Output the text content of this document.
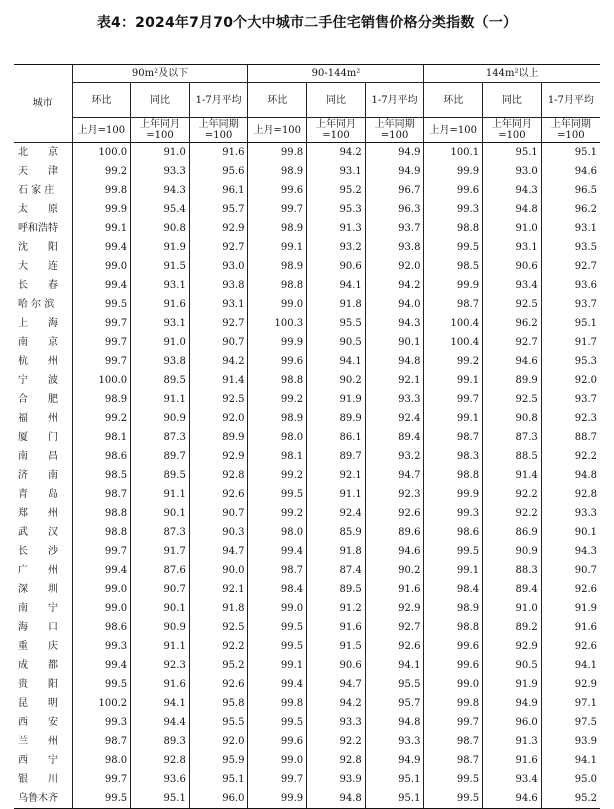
表4：2024年7月70个大中城市二手住宅销售价格分类指数（一）
城市	90m²及以下			90-144m²			144m²以上		
	环比	同比	1-7月平均	环比	同比	1-7月平均	环比	同比	1-7月平均
	上月=100	上年同月=100	上年同期=100	上月=100	上年同月=100	上年同期=100	上月=100	上年同月=100	上年同期=100
北　　京	100.0	91.0	91.6	99.8	94.2	94.9	100.1	95.1	95.1
天　　津	99.2	93.3	95.6	98.9	93.1	94.9	99.9	93.0	94.6
石 家 庄	99.8	94.3	96.1	99.6	95.2	96.7	99.6	94.3	96.5
太　　原	99.9	95.4	95.7	99.7	95.3	96.3	99.3	94.8	96.2
呼和浩特	99.1	90.8	92.9	98.9	91.3	93.7	98.8	91.0	93.1
沈　　阳	99.4	91.9	92.7	99.1	93.2	93.8	99.5	93.1	93.5
大　　连	99.0	91.5	93.0	98.9	90.6	92.0	98.5	90.6	92.7
长　　春	99.4	93.1	93.8	98.8	94.1	94.2	99.9	93.4	93.6
哈 尔 滨	99.5	91.6	93.1	99.0	91.8	94.0	98.7	92.5	93.7
上　　海	99.7	93.1	92.7	100.3	95.5	94.3	100.4	96.2	95.1
南　　京	99.7	91.0	90.7	99.9	90.5	90.1	100.4	92.7	91.7
杭　　州	99.7	93.8	94.2	99.6	94.1	94.8	99.2	94.6	95.3
宁　　波	100.0	89.5	91.4	98.8	90.2	92.1	99.1	89.9	92.0
合　　肥	98.9	91.1	92.5	99.2	91.9	93.3	99.7	92.5	93.7
福　　州	99.2	90.9	92.0	98.9	89.9	92.4	99.1	90.8	92.3
厦　　门	98.1	87.3	89.9	98.0	86.1	89.4	98.7	87.3	88.7
南　　昌	98.6	89.7	92.9	98.1	89.7	93.2	98.3	88.5	92.2
济　　南	98.5	89.5	92.8	99.2	92.1	94.7	98.8	91.4	94.8
青　　岛	98.7	91.1	92.6	99.5	91.1	92.3	99.9	92.2	92.8
郑　　州	98.8	90.1	90.7	99.2	92.4	92.6	99.3	92.2	93.3
武　　汉	98.8	87.3	90.3	98.0	85.9	89.6	98.6	86.9	90.1
长　　沙	99.7	91.7	94.7	99.4	91.8	94.6	99.5	90.9	94.3
广　　州	99.4	87.6	90.0	98.7	87.4	90.2	99.1	88.3	90.7
深　　圳	99.0	90.7	92.1	98.4	89.5	91.6	98.4	89.4	92.6
南　　宁	99.0	90.1	91.8	99.0	91.2	92.9	98.9	91.0	91.9
海　　口	98.6	90.9	92.5	99.5	91.6	92.7	98.8	89.2	91.6
重　　庆	99.3	91.1	92.2	99.5	91.5	92.6	99.6	92.9	92.6
成　　都	99.4	92.3	95.2	99.1	90.6	94.1	99.6	90.5	94.1
贵　　阳	99.5	91.6	92.6	99.4	94.7	95.5	99.0	91.9	92.9
昆　　明	100.2	94.1	95.8	99.8	94.2	95.7	99.8	94.9	97.1
西　　安	99.3	94.4	95.5	99.5	93.3	94.8	99.7	96.0	97.5
兰　　州	98.7	89.3	92.0	99.6	92.2	93.3	98.7	91.3	93.9
西　　宁	98.0	92.8	95.9	99.0	92.8	94.9	98.7	91.6	94.1
银　　川	99.7	93.6	95.1	99.7	93.9	95.1	99.5	93.4	95.0
乌鲁木齐	99.5	95.1	96.0	99.9	94.8	95.1	99.5	94.6	95.2
